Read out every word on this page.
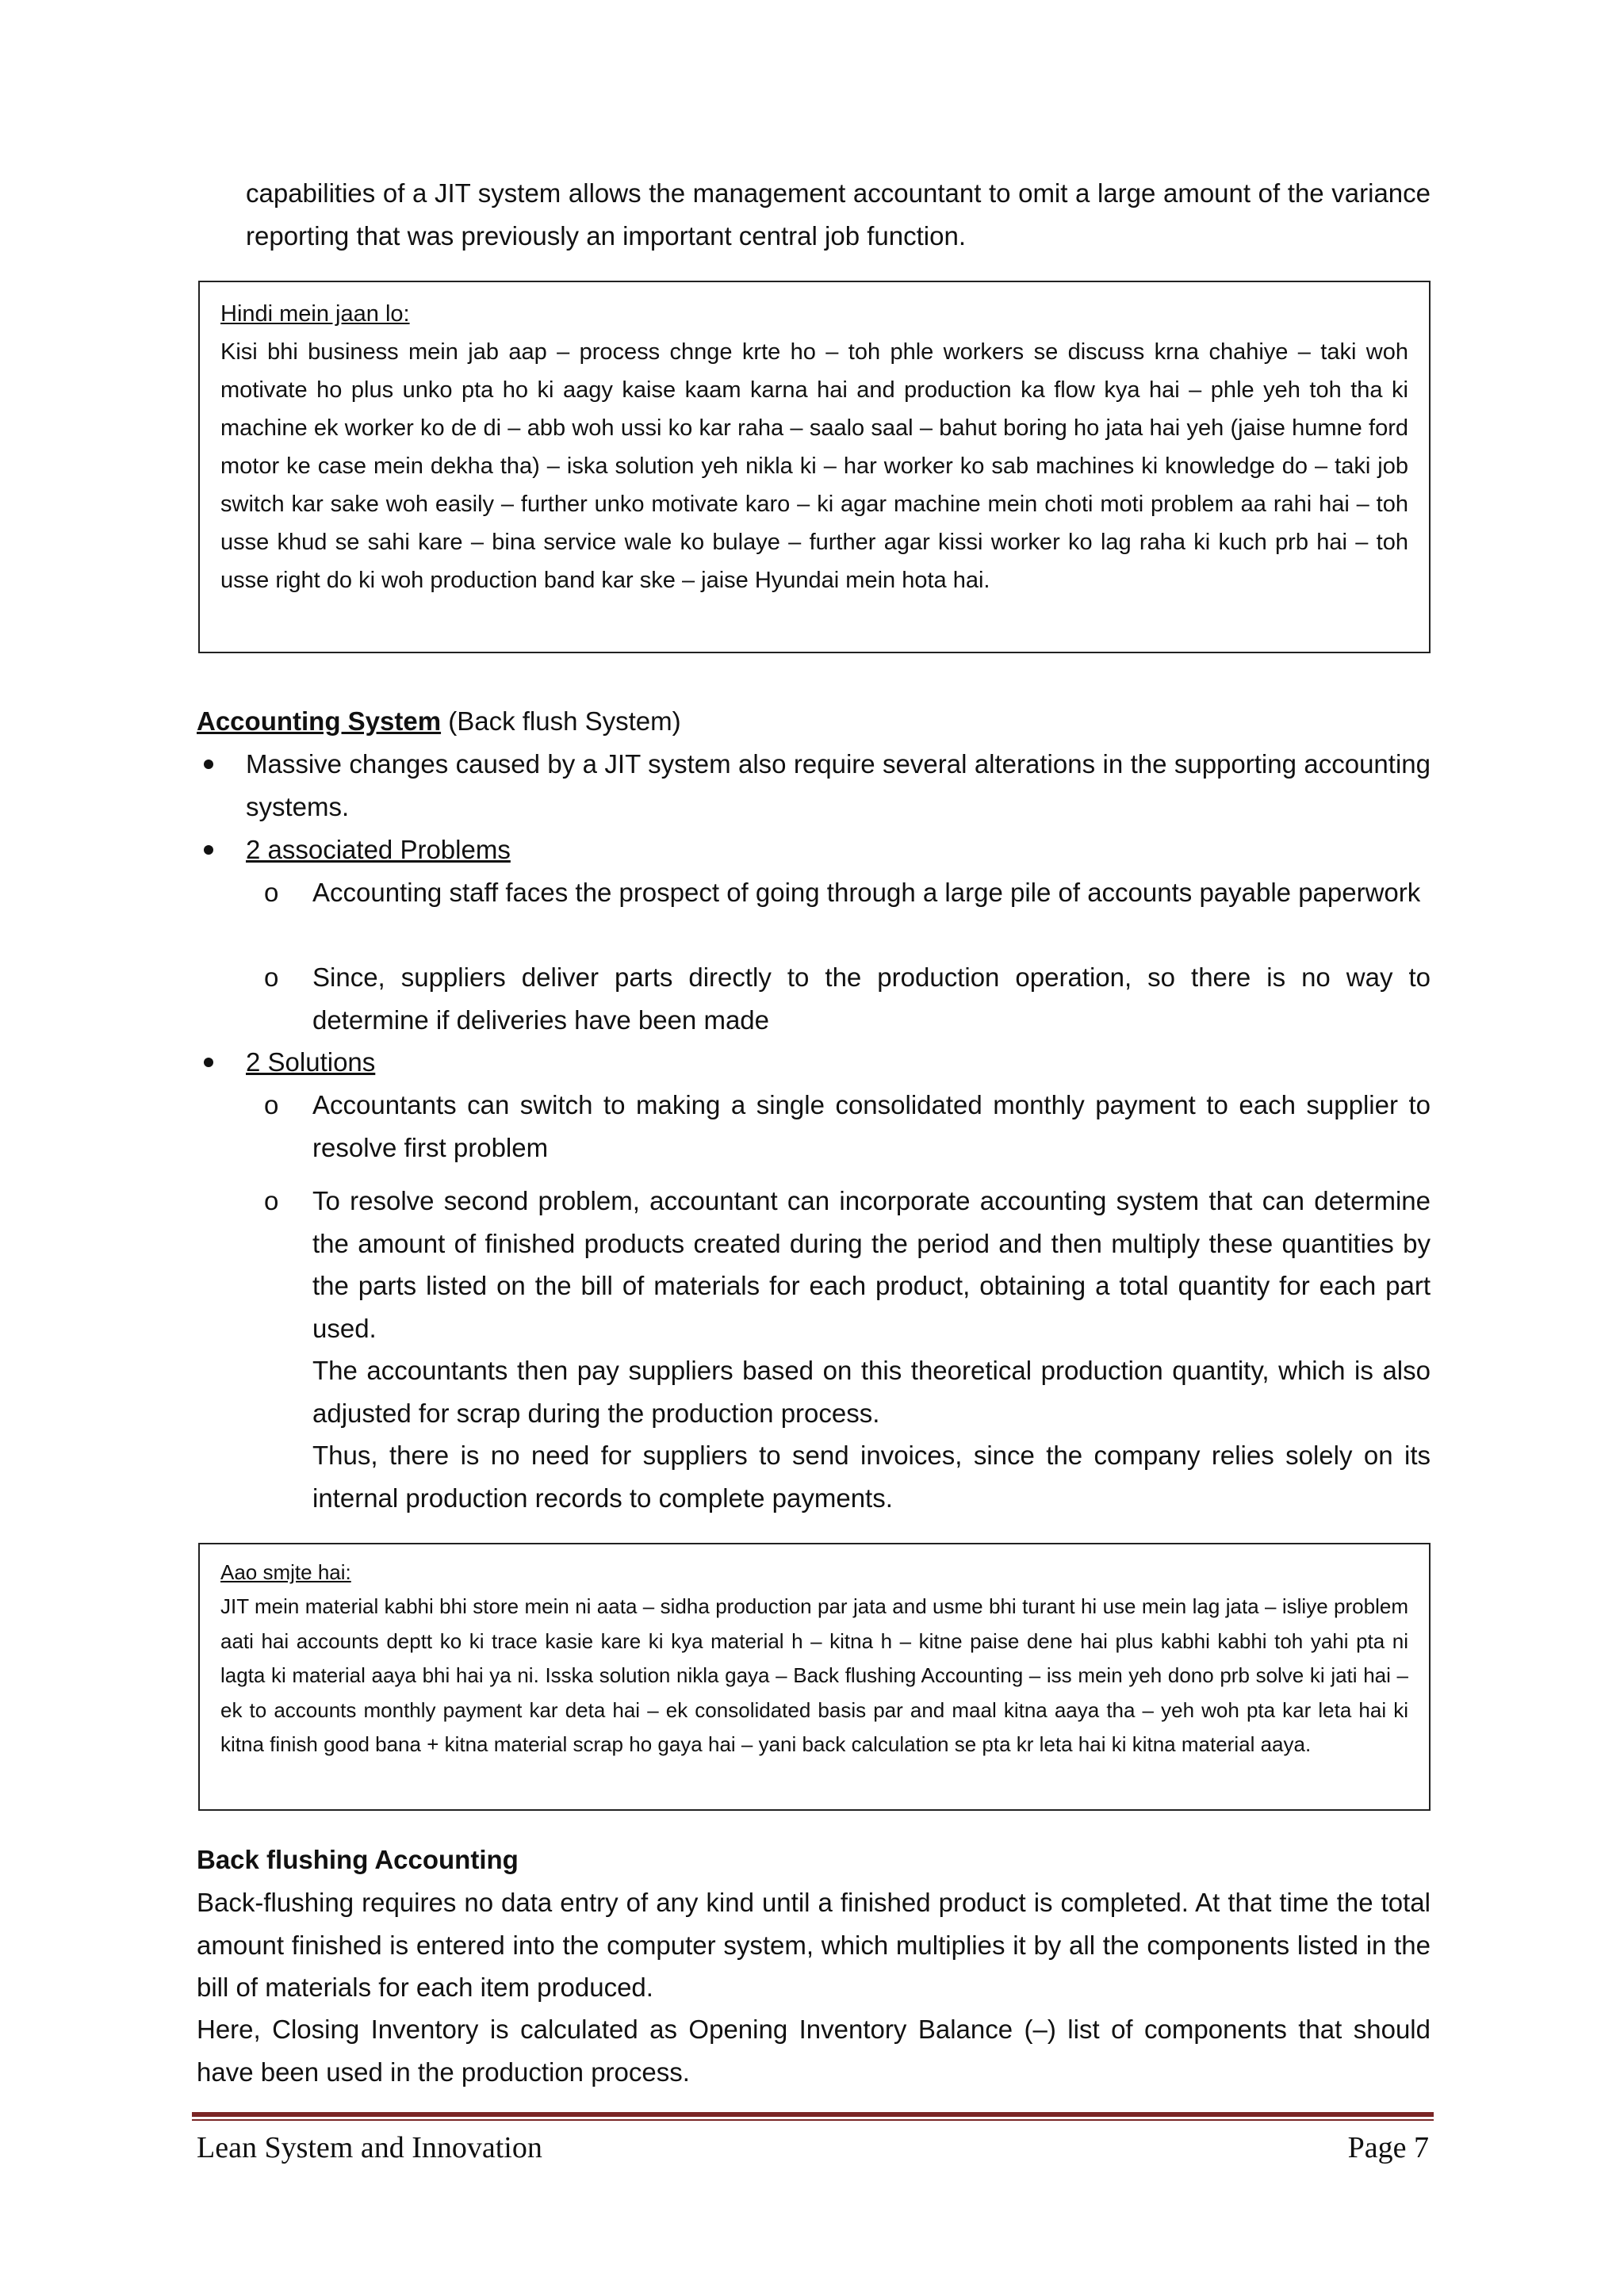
capabilities of a JIT system allows the management accountant to omit a large amount of the variance reporting that was previously an important central job function.

Hindi mein jaan lo:

Kisi bhi business mein jab aap – process chnge krte ho – toh phle workers se discuss krna chahiye – taki woh motivate ho plus unko pta ho ki aagy kaise kaam karna hai and production ka flow kya hai – phle yeh toh tha ki machine ek worker ko de di – abb woh ussi ko kar raha – saalo saal – bahut boring ho jata hai yeh (jaise humne ford motor ke case mein dekha tha) – iska solution yeh nikla ki – har worker ko sab machines ki knowledge do – taki job switch kar sake woh easily – further unko motivate karo – ki agar machine mein choti moti problem aa rahi hai – toh usse khud se sahi kare – bina service wale ko bulaye – further agar kissi worker ko lag raha ki kuch prb hai – toh usse right do ki woh production band kar ske – jaise Hyundai mein hota hai.

Accounting System (Back flush System)

Massive changes caused by a JIT system also require several alterations in the supporting accounting systems.

2 associated Problems

o Accounting staff faces the prospect of going through a large pile of accounts payable paperwork

o Since, suppliers deliver parts directly to the production operation, so there is no way to determine if deliveries have been made

2 Solutions

o Accountants can switch to making a single consolidated monthly payment to each supplier to resolve first problem

o To resolve second problem, accountant can incorporate accounting system that can determine the amount of finished products created during the period and then multiply these quantities by the parts listed on the bill of materials for each product, obtaining a total quantity for each part used.

The accountants then pay suppliers based on this theoretical production quantity, which is also adjusted for scrap during the production process.

Thus, there is no need for suppliers to send invoices, since the company relies solely on its internal production records to complete payments.

Aao smjte hai:

JIT mein material kabhi bhi store mein ni aata – sidha production par jata and usme bhi turant hi use mein lag jata – isliye problem aati hai accounts deptt ko ki trace kasie kare ki kya material h – kitna h – kitne paise dene hai plus kabhi kabhi toh yahi pta ni lagta ki material aaya bhi hai ya ni. Isska solution nikla gaya – Back flushing Accounting – iss mein yeh dono prb solve ki jati hai – ek to accounts monthly payment kar deta hai – ek consolidated basis par and maal kitna aaya tha – yeh woh pta kar leta hai ki kitna finish good bana + kitna material scrap ho gaya hai – yani back calculation se pta kr leta hai ki kitna material aaya.

Back flushing Accounting

Back-flushing requires no data entry of any kind until a finished product is completed. At that time the total amount finished is entered into the computer system, which multiplies it by all the components listed in the bill of materials for each item produced.

Here, Closing Inventory is calculated as Opening Inventory Balance (–) list of components that should have been used in the production process.

Lean System and Innovation	Page 7
